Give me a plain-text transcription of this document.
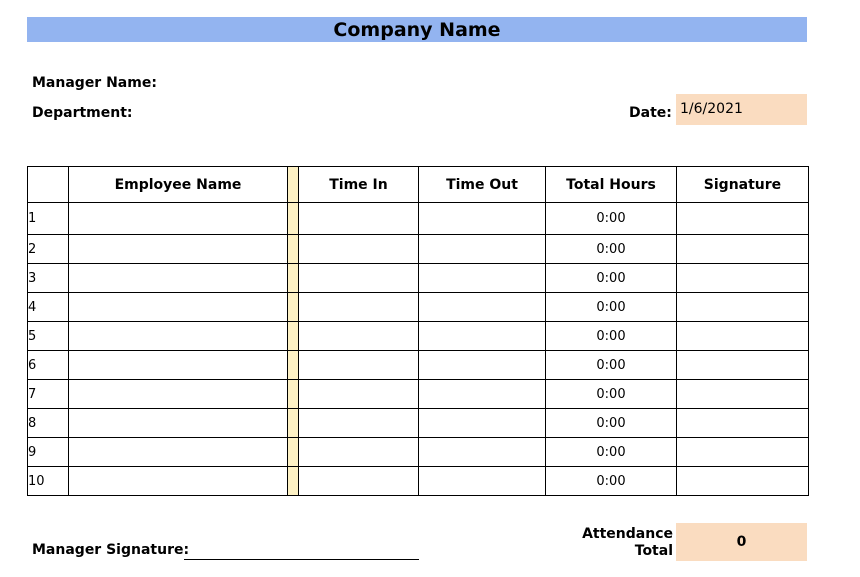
Company Name
Manager Name:
Department:	Date: 1/6/2021
	Employee Name		Time In	Time Out	Total Hours	Signature
1					0:00	
2					0:00	
3					0:00	
4					0:00	
5					0:00	
6					0:00	
7					0:00	
8					0:00	
9					0:00	
10					0:00	
Manager Signature:
Attendance
Total
0
